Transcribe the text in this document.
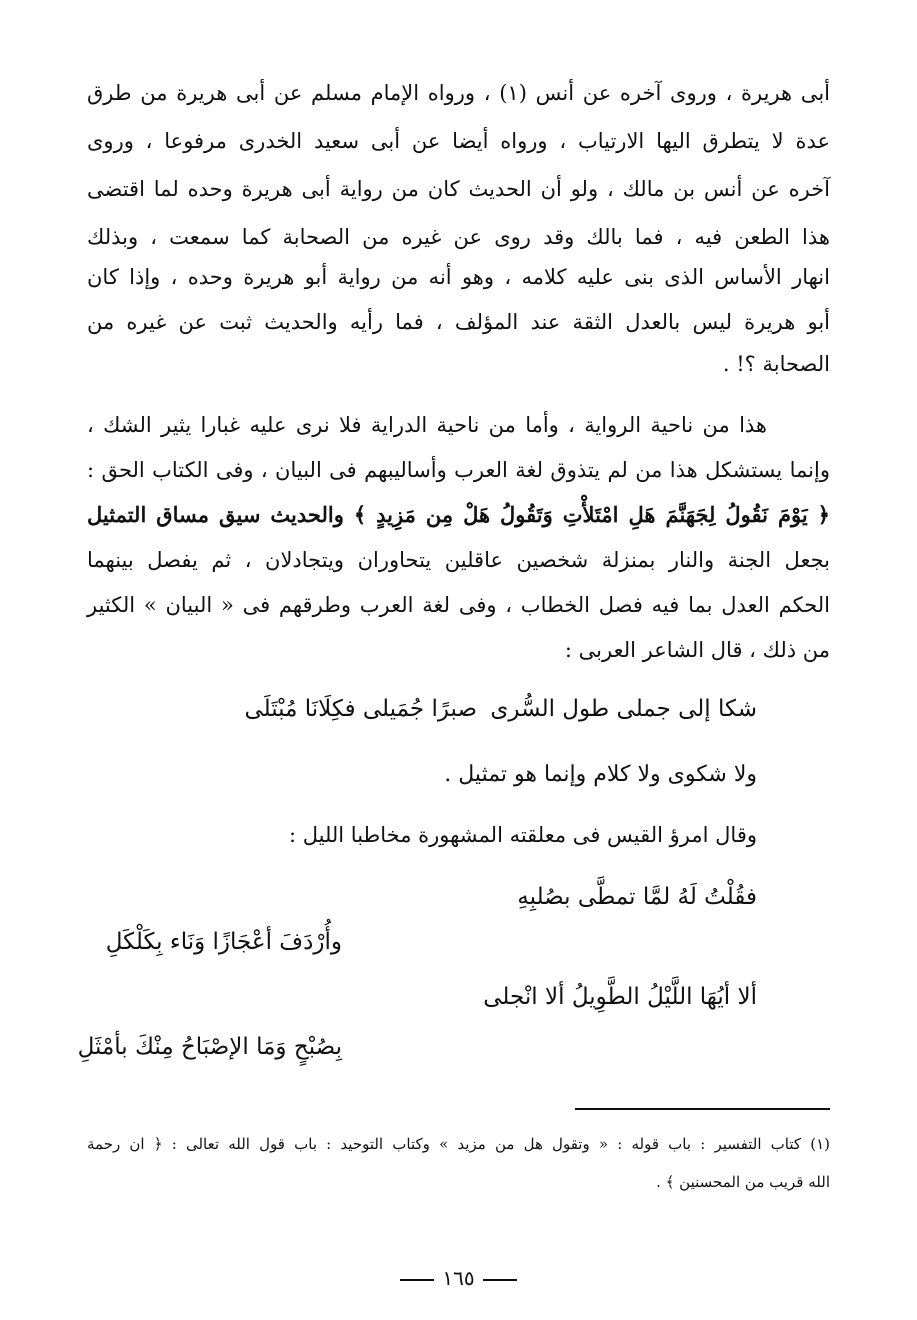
أبى هريرة ، وروى آخره عن أنس (١) ، ورواه الإمام مسلم عن أبى هريرة من طرق
عدة لا يتطرق اليها الارتياب ، ورواه أيضا عن أبى سعيد الخدرى مرفوعا ، وروى
آخره عن أنس بن مالك ، ولو أن الحديث كان من رواية أبى هريرة وحده لما اقتضى
هذا الطعن فيه ، فما بالك وقد روى عن غيره من الصحابة كما سمعت ، وبذلك
انهار الأساس الذى بنى عليه كلامه ، وهو أنه من رواية أبو هريرة وحده ، وإذا كان
أبو هريرة ليس بالعدل الثقة عند المؤلف ، فما رأيه والحديث ثبت عن غيره من
الصحابة ؟! .
هذا من ناحية الرواية ، وأما من ناحية الدراية فلا نرى عليه غبارا يثير الشك ،
وإنما يستشكل هذا من لم يتذوق لغة العرب وأساليبهم فى البيان ، وفى الكتاب الحق :
﴿ يَوْمَ نَقُولُ لِجَهَنَّمَ هَلِ امْتَلأْتِ وَتَقُولُ هَلْ مِن مَزِيدٍ ﴾ والحديث سيق مساق التمثيل
بجعل الجنة والنار بمنزلة شخصين عاقلين يتحاوران ويتجادلان ، ثم يفصل بينهما
الحكم العدل بما فيه فصل الخطاب ، وفى لغة العرب وطرقهم فى « البيان » الكثير
من ذلك ، قال الشاعر العربى :
شكا إلى جملى طول السُّرى
صبرًا جُمَيلى فكِلَانَا مُبْتَلَى
ولا شكوى ولا كلام وإنما هو تمثيل .
وقال امرؤ القيس فى معلقته المشهورة مخاطبا الليل :
فقُلْتُ لَهُ لمَّا تمطَّى بصُلبِهِ
وأُرْدَفَ أعْجَازًا وَنَاء بِكَلْكَلِ
ألا أيُهَا اللَّيْلُ الطَّوِيلُ ألا انْجلى
بِصُبْحٍ وَمَا الإصْبَاحُ مِنْكَ بأمْثَلِ
(١) كتاب التفسير : باب قوله : « وتقول هل من مزيد » وكتاب التوحيد : باب قول الله تعالى : ﴿ ان رحمة
الله قريب من المحسنين ﴾ .
١٦٥
